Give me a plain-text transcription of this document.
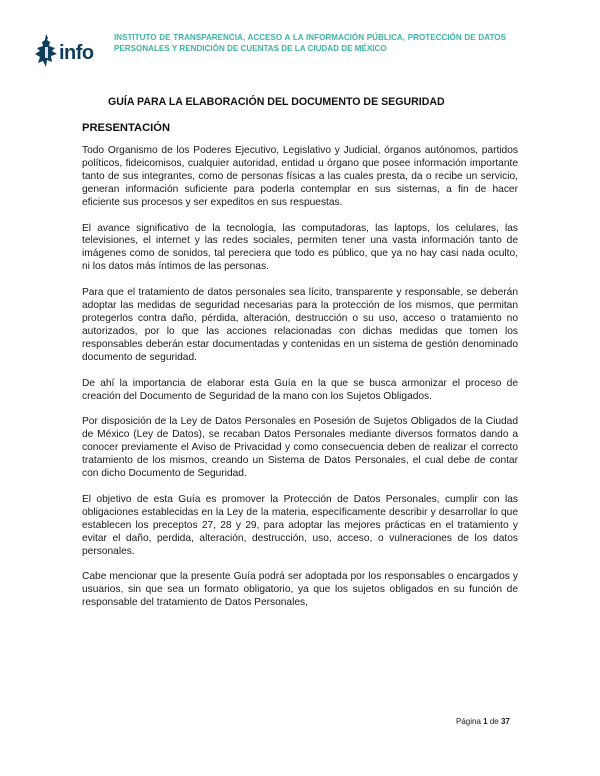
info
INSTITUTO DE TRANSPARENCIA, ACCESO A LA INFORMACIÓN PÚBLICA, PROTECCIÓN DE DATOS PERSONALES Y RENDICIÓN DE CUENTAS DE LA CIUDAD DE MÉXICO
GUÍA PARA LA ELABORACIÓN DEL DOCUMENTO DE SEGURIDAD
PRESENTACIÓN

Todo Organismo de los Poderes Ejecutivo, Legislativo y Judicial, órganos autónomos, partidos políticos, fideicomisos, cualquier autoridad, entidad u órgano que posee información importante tanto de sus integrantes, como de personas físicas a las cuales presta, da o recibe un servicio, generan información suficiente para poderla contemplar en sus sistemas, a fin de hacer eficiente sus procesos y ser expeditos en sus respuestas.

El avance significativo de la tecnología, las computadoras, las laptops, los celulares, las televisiones, el internet y las redes sociales, permiten tener una vasta información tanto de imágenes como de sonidos, tal pereciera que todo es público, que ya no hay casi nada oculto, ni los datos más íntimos de las personas.

Para que el tratamiento de datos personales sea lícito, transparente y responsable, se deberán adoptar las medidas de seguridad necesarias para la protección de los mismos, que permitan protegerlos contra daño, pérdida, alteración, destrucción o su uso, acceso o tratamiento no autorizados, por lo que las acciones relacionadas con dichas medidas que tomen los responsables deberán estar documentadas y contenidas en un sistema de gestión denominado documento de seguridad.

De ahí la importancia de elaborar esta Guía en la que se busca armonizar el proceso de creación del Documento de Seguridad de la mano con los Sujetos Obligados.

Por disposición de la Ley de Datos Personales en Posesión de Sujetos Obligados de la Ciudad de México (Ley de Datos), se recaban Datos Personales mediante diversos formatos dando a conocer previamente el Aviso de Privacidad y como consecuencia deben de realizar el correcto tratamiento de los mismos, creando un Sistema de Datos Personales, el cual debe de contar con dicho Documento de Seguridad.

El objetivo de esta Guía es promover la Protección de Datos Personales, cumplir con las obligaciones establecidas en la Ley de la materia, específicamente describir y desarrollar lo que establecen los preceptos 27, 28 y 29, para adoptar las mejores prácticas en el tratamiento y evitar el daño, perdida, alteración, destrucción, uso, acceso, o vulneraciones de los datos personales.

Cabe mencionar que la presente Guía podrá ser adoptada por los responsables o encargados y usuarios, sin que sea un formato obligatorio, ya que los sujetos obligados en su función de responsable del tratamiento de Datos Personales,

Página 1 de 37
